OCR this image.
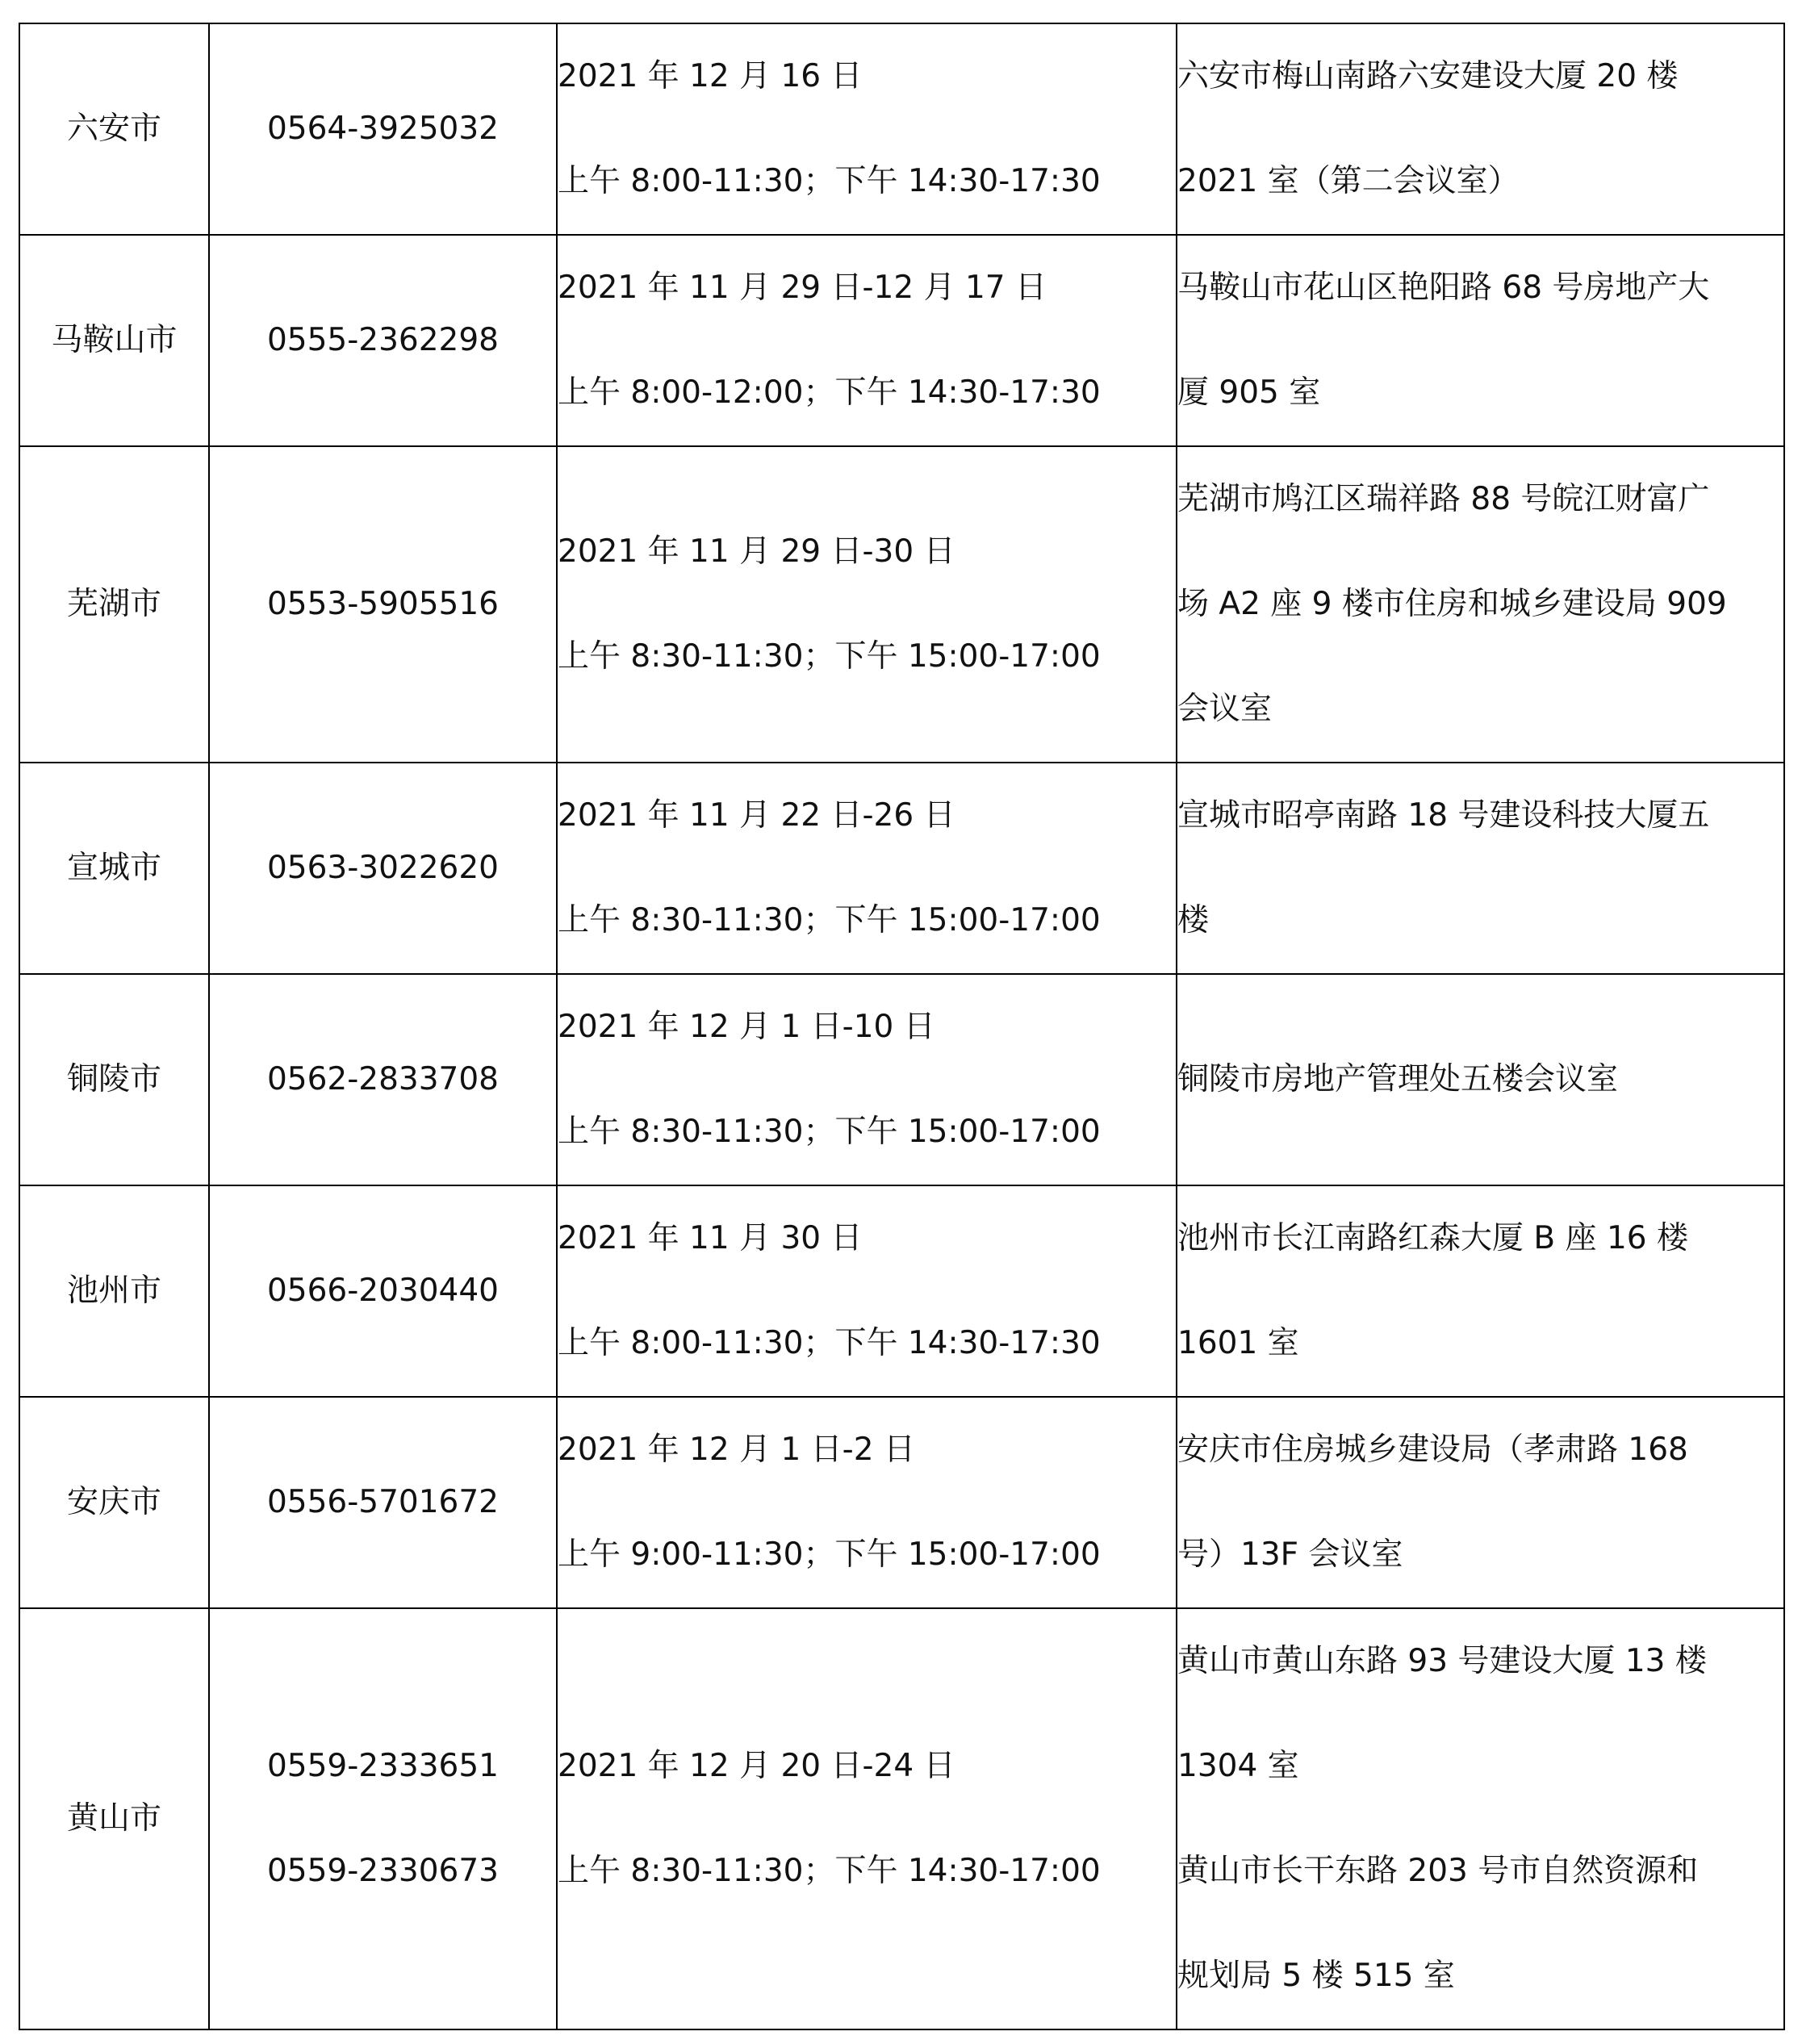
六安市	0564-3925032	2021 年 12 月 16 日
上午 8:00-11:30；下午 14:30-17:30	六安市梅山南路六安建设大厦 20 楼
2021 室（第二会议室）

马鞍山市	0555-2362298	2021 年 11 月 29 日-12 月 17 日
上午 8:00-12:00；下午 14:30-17:30	马鞍山市花山区艳阳路 68 号房地产大
厦 905 室

芜湖市	0553-5905516	2021 年 11 月 29 日-30 日
上午 8:30-11:30；下午 15:00-17:00	芜湖市鸠江区瑞祥路 88 号皖江财富广
场 A2 座 9 楼市住房和城乡建设局 909
会议室

宣城市	0563-3022620	2021 年 11 月 22 日-26 日
上午 8:30-11:30；下午 15:00-17:00	宣城市昭亭南路 18 号建设科技大厦五
楼

铜陵市	0562-2833708	2021 年 12 月 1 日-10 日
上午 8:30-11:30；下午 15:00-17:00	铜陵市房地产管理处五楼会议室

池州市	0566-2030440	2021 年 11 月 30 日
上午 8:00-11:30；下午 14:30-17:30	池州市长江南路红森大厦 B 座 16 楼
1601 室

安庆市	0556-5701672	2021 年 12 月 1 日-2 日
上午 9:00-11:30；下午 15:00-17:00	安庆市住房城乡建设局（孝肃路 168
号）13F 会议室

黄山市	0559-2333651
0559-2330673	2021 年 12 月 20 日-24 日
上午 8:30-11:30；下午 14:30-17:00	黄山市黄山东路 93 号建设大厦 13 楼
1304 室
黄山市长干东路 203 号市自然资源和
规划局 5 楼 515 室
